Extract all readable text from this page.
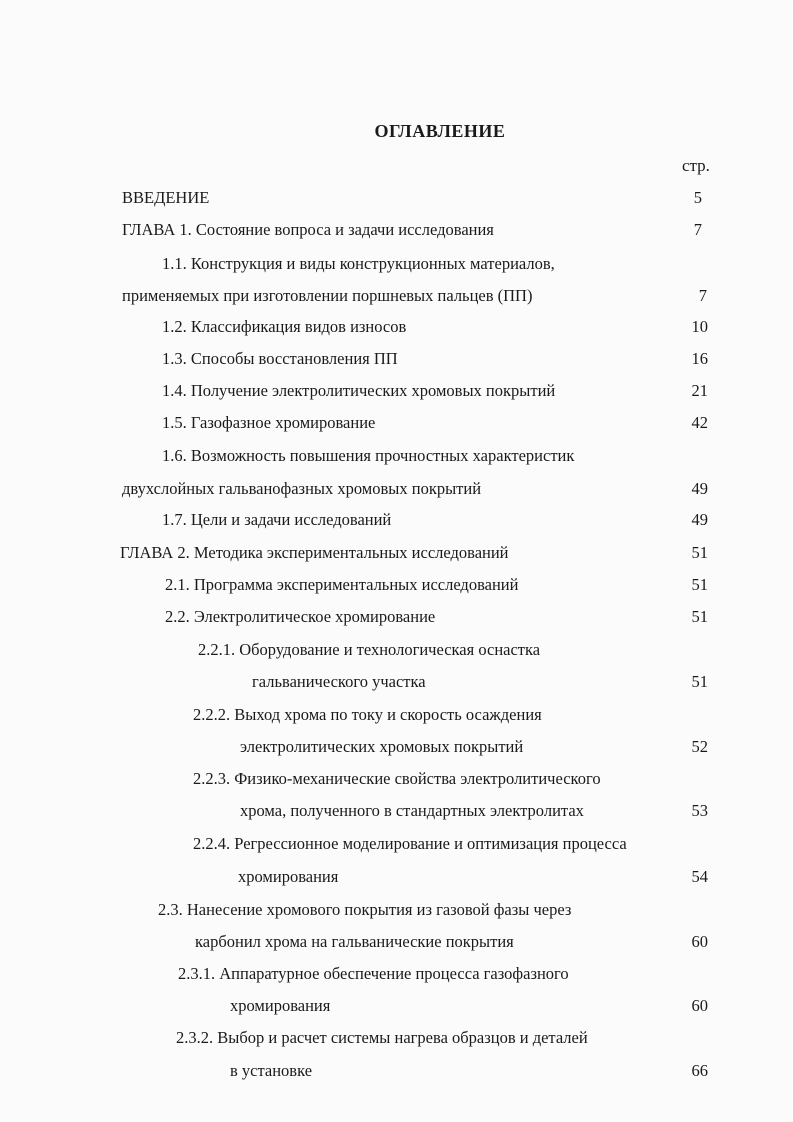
ОГЛАВЛЕНИЕ
стр.
ВВЕДЕНИЕ	5
ГЛАВА 1. Состояние вопроса и задачи исследования	7
1.1. Конструкция и виды конструкционных материалов,
применяемых при изготовлении поршневых пальцев (ПП)	7
1.2. Классификация видов износов	10
1.3. Способы восстановления ПП	16
1.4. Получение электролитических хромовых покрытий	21
1.5. Газофазное хромирование	42
1.6. Возможность повышения прочностных характеристик
двухслойных гальванофазных хромовых покрытий	49
1.7. Цели и задачи исследований	49
ГЛАВА 2. Методика экспериментальных исследований	51
2.1. Программа экспериментальных исследований	51
2.2. Электролитическое хромирование	51
2.2.1. Оборудование и технологическая оснастка
гальванического участка	51
2.2.2. Выход хрома по току и скорость осаждения
электролитических хромовых покрытий	52
2.2.3. Физико-механические свойства электролитического
хрома, полученного в стандартных электролитах	53
2.2.4. Регрессионное моделирование и оптимизация процесса
хромирования	54
2.3. Нанесение хромового покрытия из газовой фазы через
карбонил хрома на гальванические покрытия	60
2.3.1. Аппаратурное обеспечение процесса газофазного
хромирования	60
2.3.2. Выбор и расчет системы нагрева образцов и деталей
в установке	66
